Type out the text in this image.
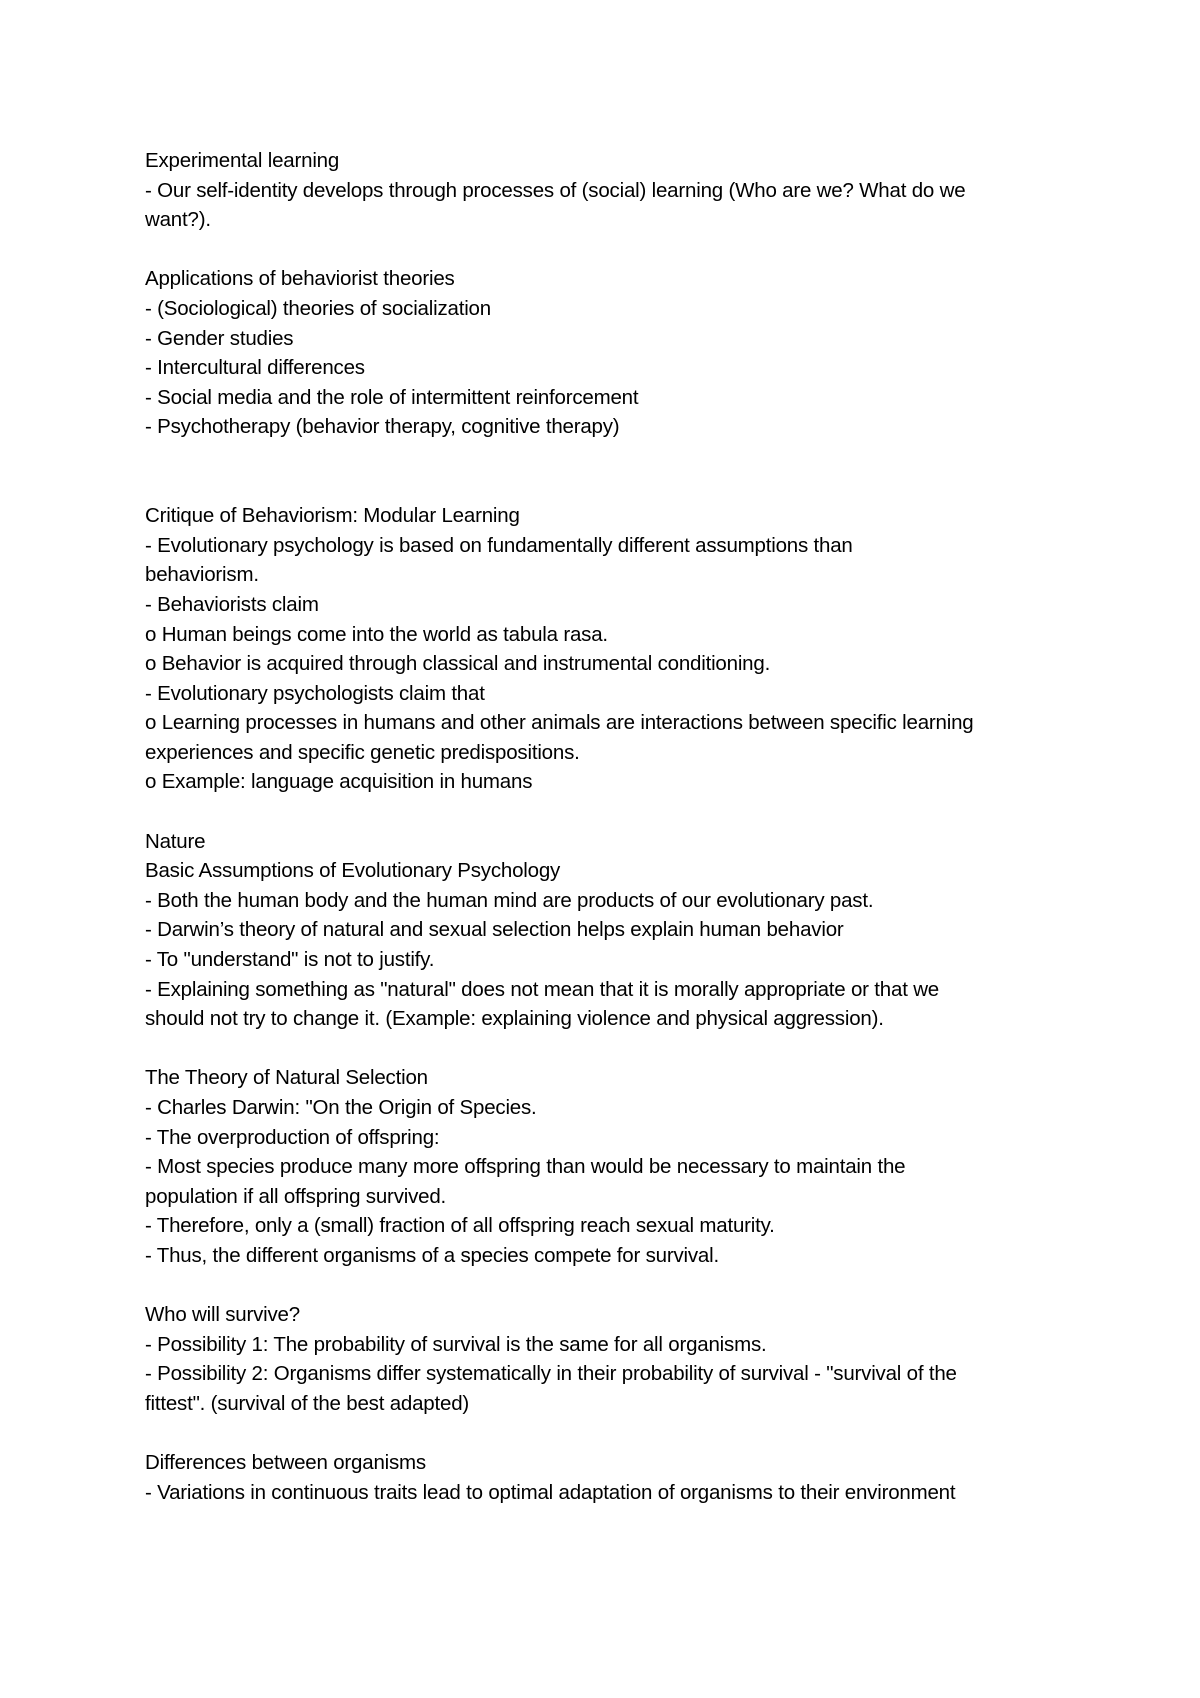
Experimental learning
- Our self-identity develops through processes of (social) learning (Who are we? What do we
want?).
Applications of behaviorist theories
- (Sociological) theories of socialization
- Gender studies
- Intercultural differences
- Social media and the role of intermittent reinforcement
- Psychotherapy (behavior therapy, cognitive therapy)
Critique of Behaviorism: Modular Learning
- Evolutionary psychology is based on fundamentally different assumptions than
behaviorism.
- Behaviorists claim
o Human beings come into the world as tabula rasa.
o Behavior is acquired through classical and instrumental conditioning.
- Evolutionary psychologists claim that
o Learning processes in humans and other animals are interactions between specific learning
experiences and specific genetic predispositions.
o Example: language acquisition in humans
Nature
Basic Assumptions of Evolutionary Psychology
- Both the human body and the human mind are products of our evolutionary past.
- Darwin’s theory of natural and sexual selection helps explain human behavior
- To "understand" is not to justify.
- Explaining something as "natural" does not mean that it is morally appropriate or that we
should not try to change it. (Example: explaining violence and physical aggression).
The Theory of Natural Selection
- Charles Darwin: "On the Origin of Species.
- The overproduction of offspring:
- Most species produce many more offspring than would be necessary to maintain the
population if all offspring survived.
- Therefore, only a (small) fraction of all offspring reach sexual maturity.
- Thus, the different organisms of a species compete for survival.
Who will survive?
- Possibility 1: The probability of survival is the same for all organisms.
- Possibility 2: Organisms differ systematically in their probability of survival - "survival of the
fittest". (survival of the best adapted)
Differences between organisms
- Variations in continuous traits lead to optimal adaptation of organisms to their environment
